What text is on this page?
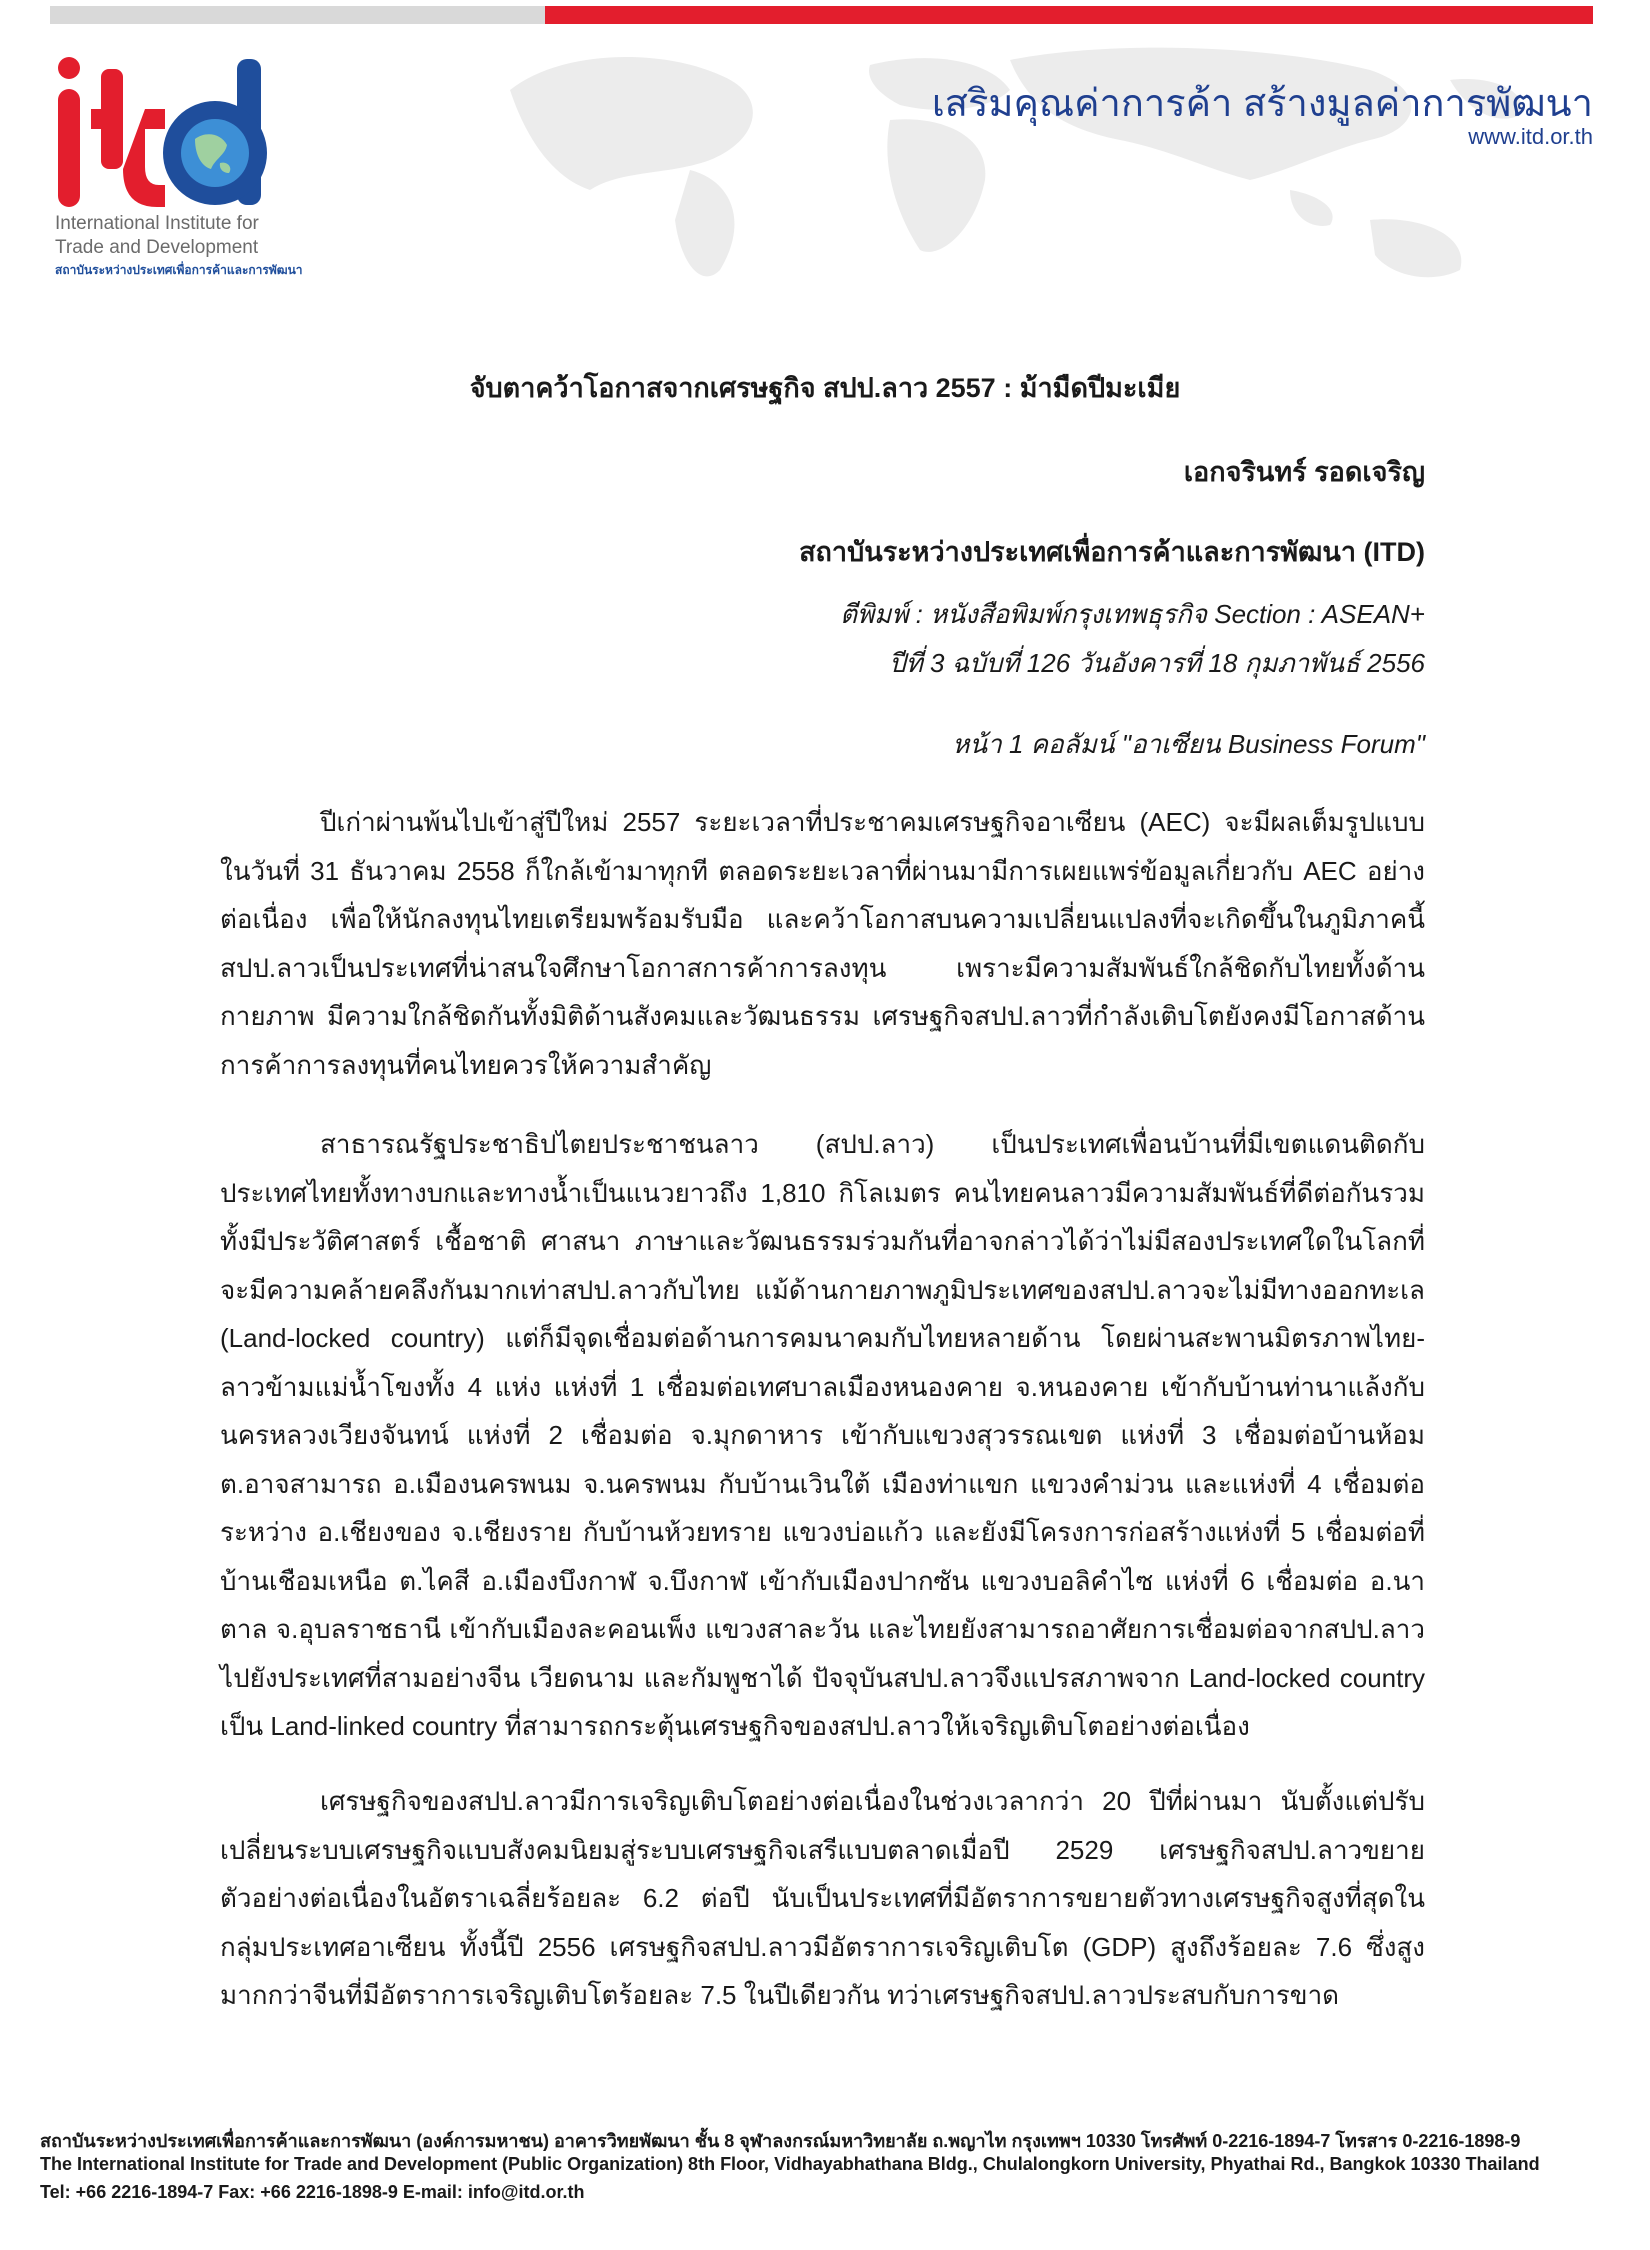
International Institute for
Trade and Development
สถาบันระหว่างประเทศเพื่อการค้าและการพัฒนา
เสริมคุณค่าการค้า สร้างมูลค่าการพัฒนา
www.itd.or.th
จับตาคว้าโอกาสจากเศรษฐกิจ สปป.ลาว 2557 : ม้ามืดปีมะเมีย
เอกจรินทร์ รอดเจริญ
สถาบันระหว่างประเทศเพื่อการค้าและการพัฒนา (ITD)
ตีพิมพ์ : หนังสือพิมพ์กรุงเทพธุรกิจ Section : ASEAN+
ปีที่ 3 ฉบับที่ 126 วันอังคารที่ 18 กุมภาพันธ์ 2556
หน้า 1 คอลัมน์ "อาเซียน Business Forum"

ปีเก่าผ่านพ้นไปเข้าสู่ปีใหม่ 2557 ระยะเวลาที่ประชาคมเศรษฐกิจอาเซียน (AEC) จะมีผลเต็มรูปแบบในวันที่ 31 ธันวาคม 2558 ก็ใกล้เข้ามาทุกที ตลอดระยะเวลาที่ผ่านมามีการเผยแพร่ข้อมูลเกี่ยวกับ AEC อย่างต่อเนื่อง เพื่อให้นักลงทุนไทยเตรียมพร้อมรับมือ และคว้าโอกาสบนความเปลี่ยนแปลงที่จะเกิดขึ้นในภูมิภาคนี้ สปป.ลาวเป็นประเทศที่น่าสนใจศึกษาโอกาสการค้าการลงทุน เพราะมีความสัมพันธ์ใกล้ชิดกับไทยทั้งด้านกายภาพ มีความใกล้ชิดกันทั้งมิติด้านสังคมและวัฒนธรรม เศรษฐกิจสปป.ลาวที่กำลังเติบโตยังคงมีโอกาสด้านการค้าการลงทุนที่คนไทยควรให้ความสำคัญ

สาธารณรัฐประชาธิปไตยประชาชนลาว (สปป.ลาว) เป็นประเทศเพื่อนบ้านที่มีเขตแดนติดกับประเทศไทยทั้งทางบกและทางน้ำเป็นแนวยาวถึง 1,810 กิโลเมตร คนไทยคนลาวมีความสัมพันธ์ที่ดีต่อกันรวมทั้งมีประวัติศาสตร์ เชื้อชาติ ศาสนา ภาษาและวัฒนธรรมร่วมกันที่อาจกล่าวได้ว่าไม่มีสองประเทศใดในโลกที่จะมีความคล้ายคลึงกันมากเท่าสปป.ลาวกับไทย แม้ด้านกายภาพภูมิประเทศของสปป.ลาวจะไม่มีทางออกทะเล (Land-locked country) แต่ก็มีจุดเชื่อมต่อด้านการคมนาคมกับไทยหลายด้าน โดยผ่านสะพานมิตรภาพไทย-ลาวข้ามแม่น้ำโขงทั้ง 4 แห่ง แห่งที่ 1 เชื่อมต่อเทศบาลเมืองหนองคาย จ.หนองคาย เข้ากับบ้านท่านาแล้งกับนครหลวงเวียงจันทน์ แห่งที่ 2 เชื่อมต่อ จ.มุกดาหาร เข้ากับแขวงสุวรรณเขต แห่งที่ 3 เชื่อมต่อบ้านห้อม ต.อาจสามารถ อ.เมืองนครพนม จ.นครพนม กับบ้านเวินใต้ เมืองท่าแขก แขวงคำม่วน และแห่งที่ 4 เชื่อมต่อระหว่าง อ.เชียงของ จ.เชียงราย กับบ้านห้วยทราย แขวงบ่อแก้ว และยังมีโครงการก่อสร้างแห่งที่ 5 เชื่อมต่อที่บ้านเชือมเหนือ ต.ไคสี อ.เมืองบึงกาฬ จ.บึงกาฬ เข้ากับเมืองปากซัน แขวงบอลิคำไซ แห่งที่ 6 เชื่อมต่อ อ.นาตาล จ.อุบลราชธานี เข้ากับเมืองละคอนเพ็ง แขวงสาละวัน และไทยยังสามารถอาศัยการเชื่อมต่อจากสปป.ลาวไปยังประเทศที่สามอย่างจีน เวียดนาม และกัมพูชาได้ ปัจจุบันสปป.ลาวจึงแปรสภาพจาก Land-locked country เป็น Land-linked country ที่สามารถกระตุ้นเศรษฐกิจของสปป.ลาวให้เจริญเติบโตอย่างต่อเนื่อง

เศรษฐกิจของสปป.ลาวมีการเจริญเติบโตอย่างต่อเนื่องในช่วงเวลากว่า 20 ปีที่ผ่านมา นับตั้งแต่ปรับเปลี่ยนระบบเศรษฐกิจแบบสังคมนิยมสู่ระบบเศรษฐกิจเสรีแบบตลาดเมื่อปี 2529 เศรษฐกิจสปป.ลาวขยายตัวอย่างต่อเนื่องในอัตราเฉลี่ยร้อยละ 6.2 ต่อปี นับเป็นประเทศที่มีอัตราการขยายตัวทางเศรษฐกิจสูงที่สุดในกลุ่มประเทศอาเซียน ทั้งนี้ปี 2556 เศรษฐกิจสปป.ลาวมีอัตราการเจริญเติบโต (GDP) สูงถึงร้อยละ 7.6 ซึ่งสูงมากกว่าจีนที่มีอัตราการเจริญเติบโตร้อยละ 7.5 ในปีเดียวกัน ทว่าเศรษฐกิจสปป.ลาวประสบกับการขาด

สถาบันระหว่างประเทศเพื่อการค้าและการพัฒนา (องค์การมหาชน) อาคารวิทยพัฒนา ชั้น 8 จุฬาลงกรณ์มหาวิทยาลัย ถ.พญาไท กรุงเทพฯ 10330 โทรศัพท์ 0-2216-1894-7 โทรสาร 0-2216-1898-9
The International Institute for Trade and Development (Public Organization) 8th Floor, Vidhayabhathana Bldg., Chulalongkorn University, Phyathai Rd., Bangkok 10330 Thailand
Tel: +66 2216-1894-7 Fax: +66 2216-1898-9 E-mail: info@itd.or.th
